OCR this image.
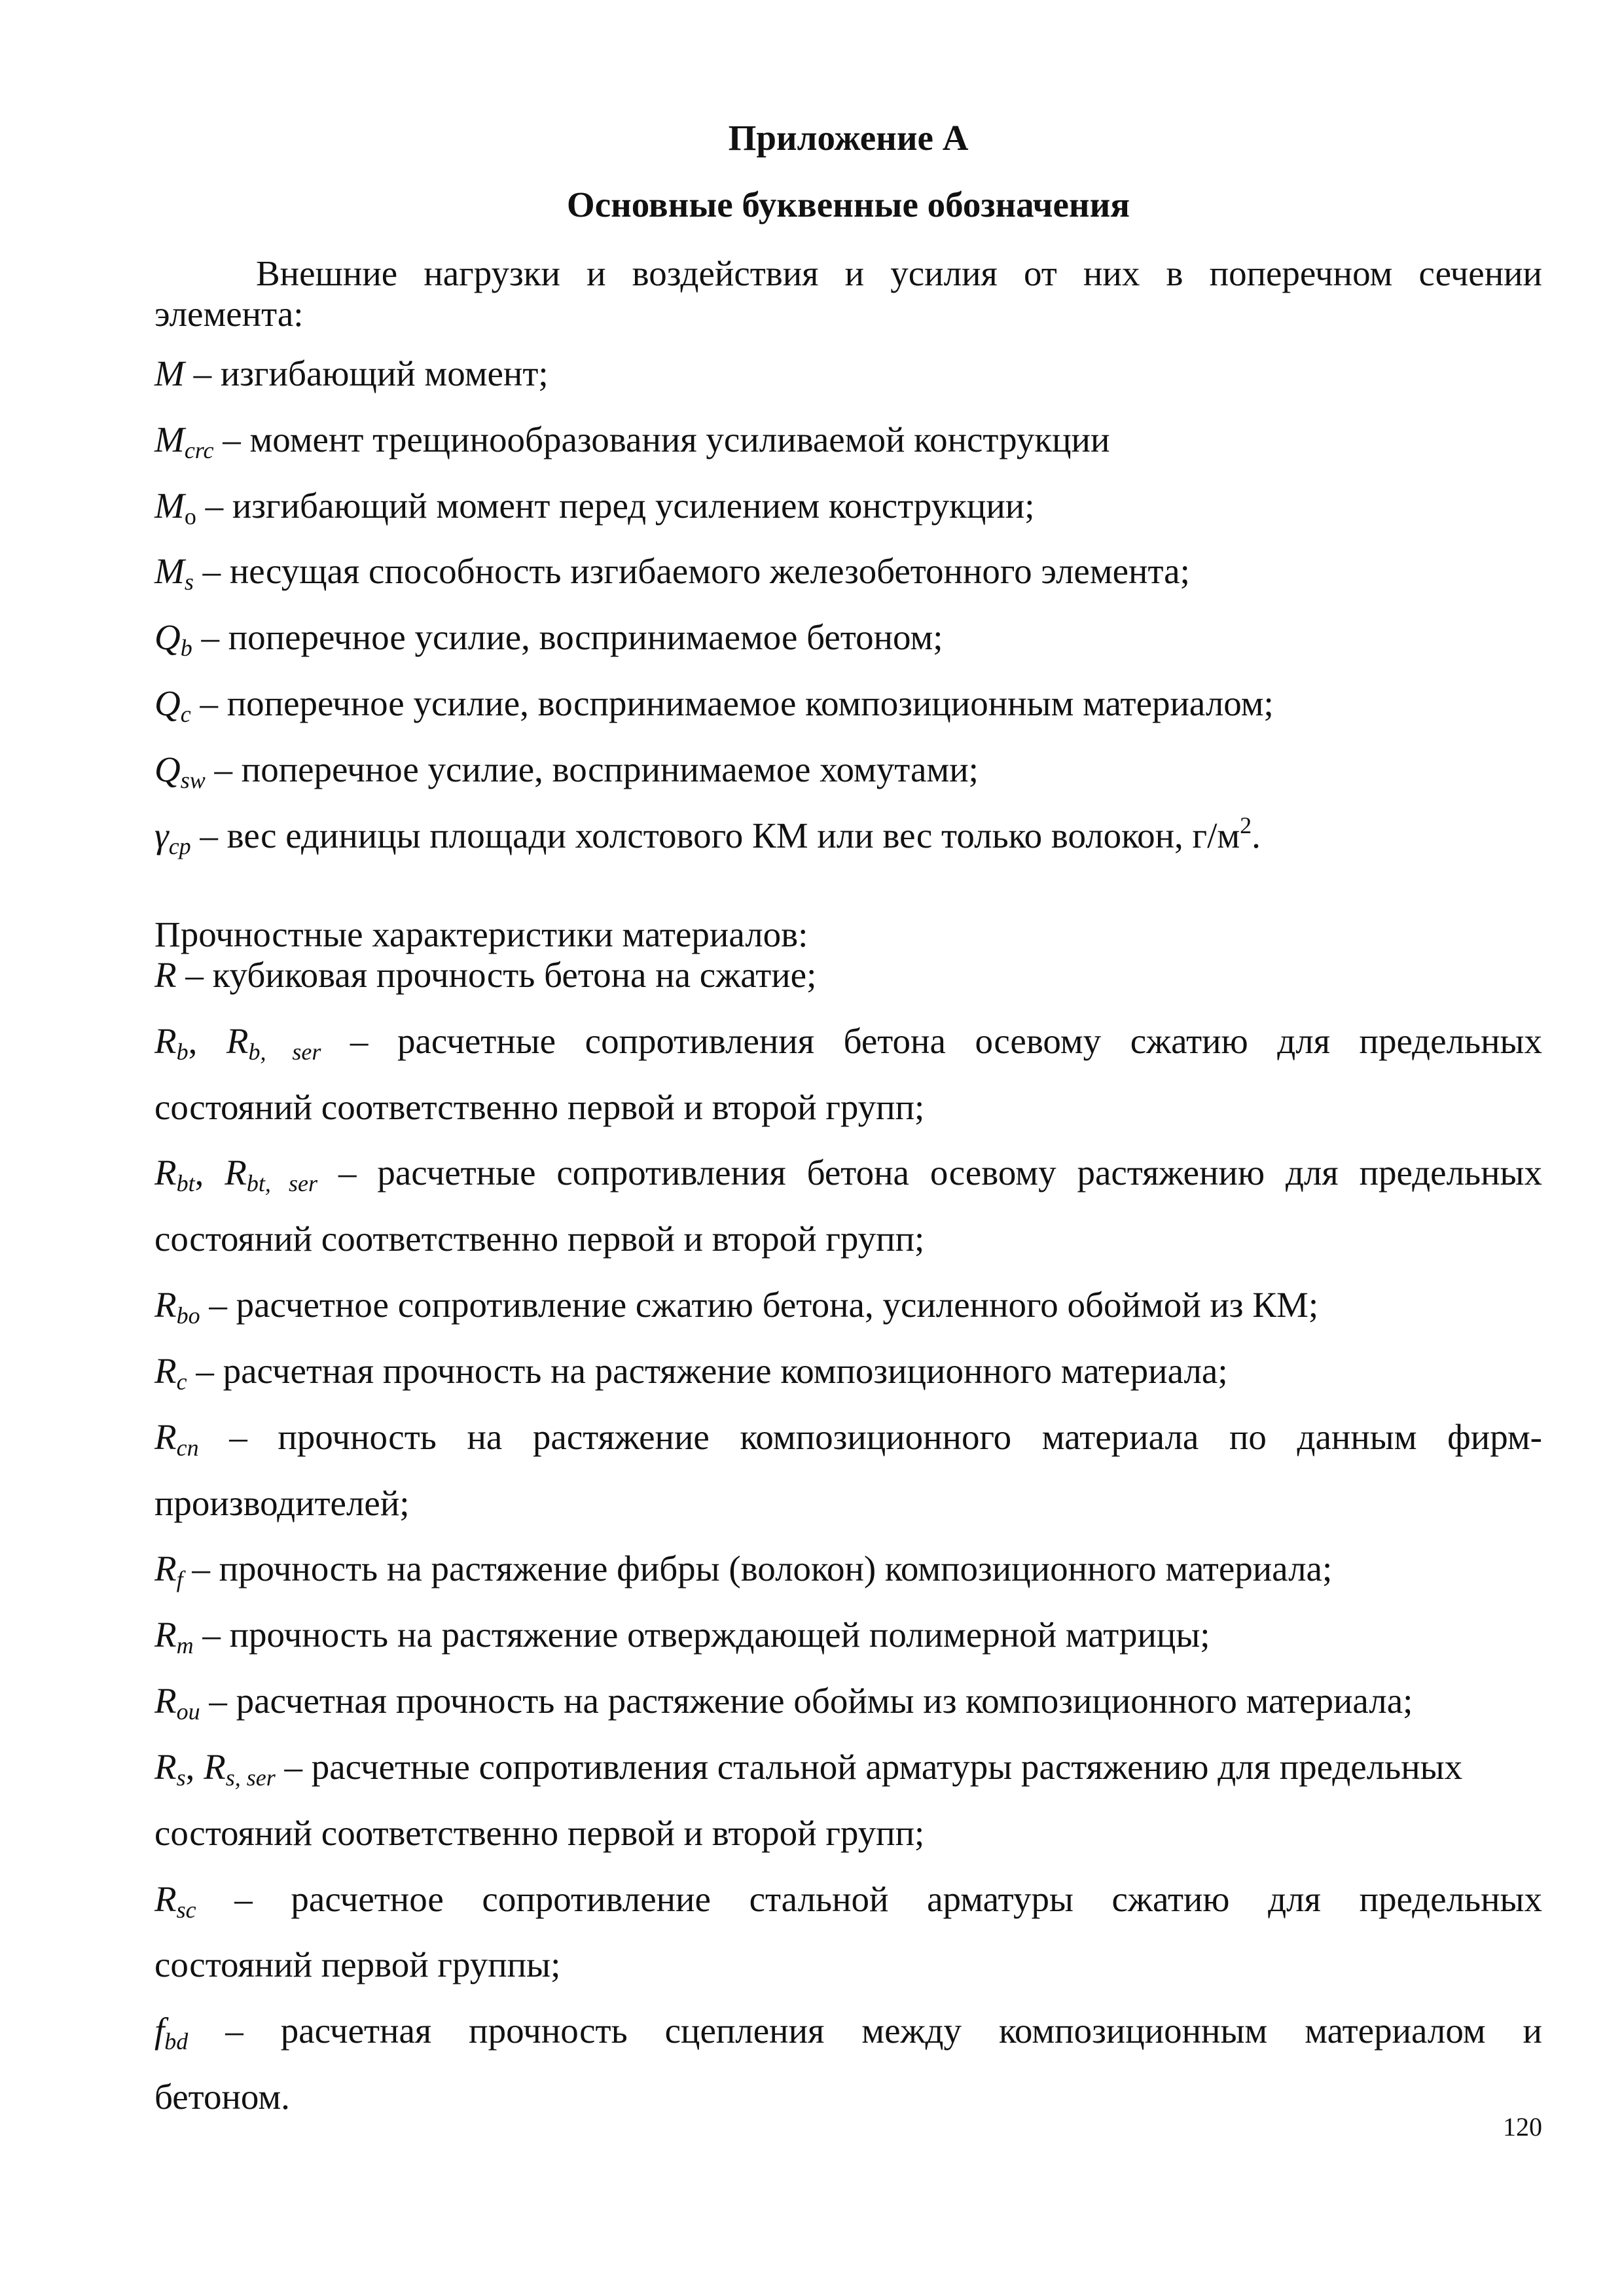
Приложение А
Основные буквенные обозначения

Внешние нагрузки и воздействия и усилия от них в поперечном сечении

элемента:

M – изгибающий момент;

$M_{crc}$ – момент трещинообразования усиливаемой конструкции

$M_o$ – изгибающий момент перед усилением конструкции;

$M_s$ – несущая способность изгибаемого железобетонного элемента;

$Q_b$ – поперечное усилие, воспринимаемое бетоном;

$Q_c$ – поперечное усилие, воспринимаемое композиционным материалом;

$Q_{sw}$ – поперечное усилие, воспринимаемое хомутами;

$\gamma_{cp}$ – вес единицы площади холстового КМ или вес только волокон, $г/м^2$.

Прочностные характеристики материалов:

R – кубиковая прочность бетона на сжатие;

$R_b$, $R_{b, ser}$ – расчетные сопротивления бетона осевому сжатию для предельных

состояний соответственно первой и второй групп;

$R_{bt}$, $R_{bt, ser}$ – расчетные сопротивления бетона осевому растяжению для предельных

состояний соответственно первой и второй групп;

$R_{bo}$ – расчетное сопротивление сжатию бетона, усиленного обоймой из КМ;

$R_c$ – расчетная прочность на растяжение композиционного материала;

$R_{cn}$ – прочность на растяжение композиционного материала по данным фирм-

производителей;

$R_f$ – прочность на растяжение фибры (волокон) композиционного материала;

$R_m$ – прочность на растяжение отверждающей полимерной матрицы;

$R_{ou}$ – расчетная прочность на растяжение обоймы из композиционного материала;

$R_s$, $R_{s, ser}$ – расчетные сопротивления стальной арматуры растяжению для предельных

состояний соответственно первой и второй групп;

$R_{sc}$ – расчетное сопротивление стальной арматуры сжатию для предельных

состояний первой группы;

$f_{bd}$ – расчетная прочность сцепления между композиционным материалом и

бетоном.

120
